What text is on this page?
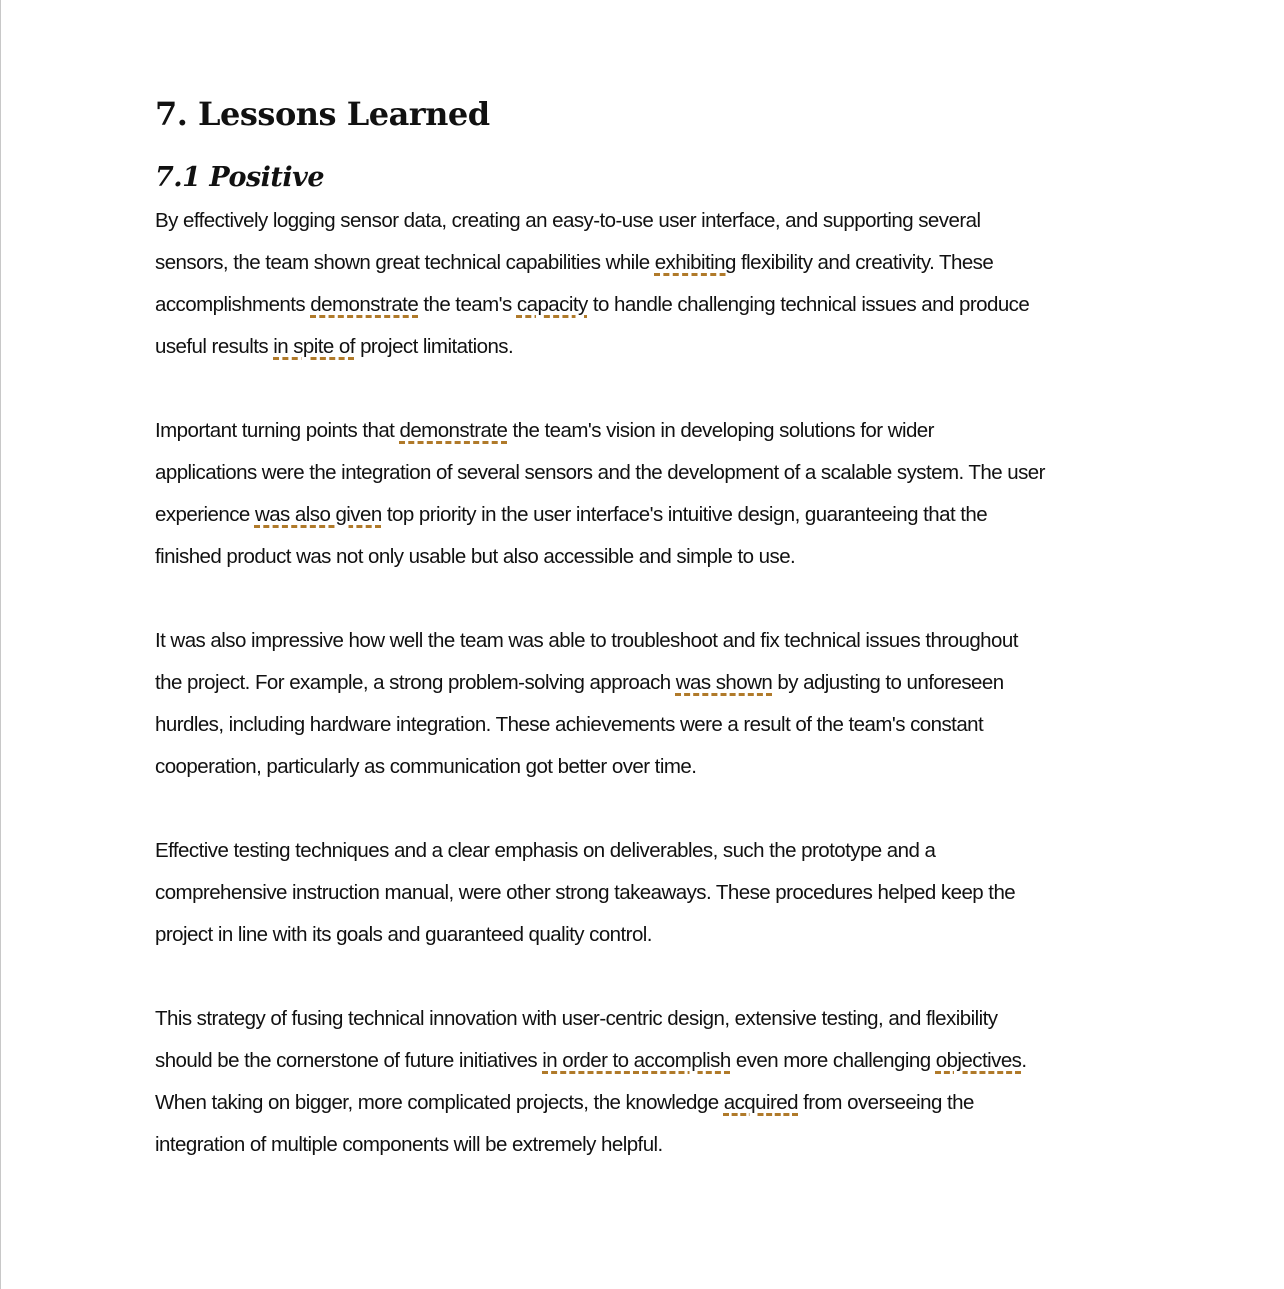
7. Lessons Learned
7.1 Positive
By effectively logging sensor data, creating an easy-to-use user interface, and supporting several
sensors, the team shown great technical capabilities while exhibiting flexibility and creativity. These
accomplishments demonstrate the team's capacity to handle challenging technical issues and produce
useful results in spite of project limitations.
Important turning points that demonstrate the team's vision in developing solutions for wider
applications were the integration of several sensors and the development of a scalable system. The user
experience was also given top priority in the user interface's intuitive design, guaranteeing that the
finished product was not only usable but also accessible and simple to use.
It was also impressive how well the team was able to troubleshoot and fix technical issues throughout
the project. For example, a strong problem-solving approach was shown by adjusting to unforeseen
hurdles, including hardware integration. These achievements were a result of the team's constant
cooperation, particularly as communication got better over time.
Effective testing techniques and a clear emphasis on deliverables, such the prototype and a
comprehensive instruction manual, were other strong takeaways. These procedures helped keep the
project in line with its goals and guaranteed quality control.
This strategy of fusing technical innovation with user-centric design, extensive testing, and flexibility
should be the cornerstone of future initiatives in order to accomplish even more challenging objectives.
When taking on bigger, more complicated projects, the knowledge acquired from overseeing the
integration of multiple components will be extremely helpful.
